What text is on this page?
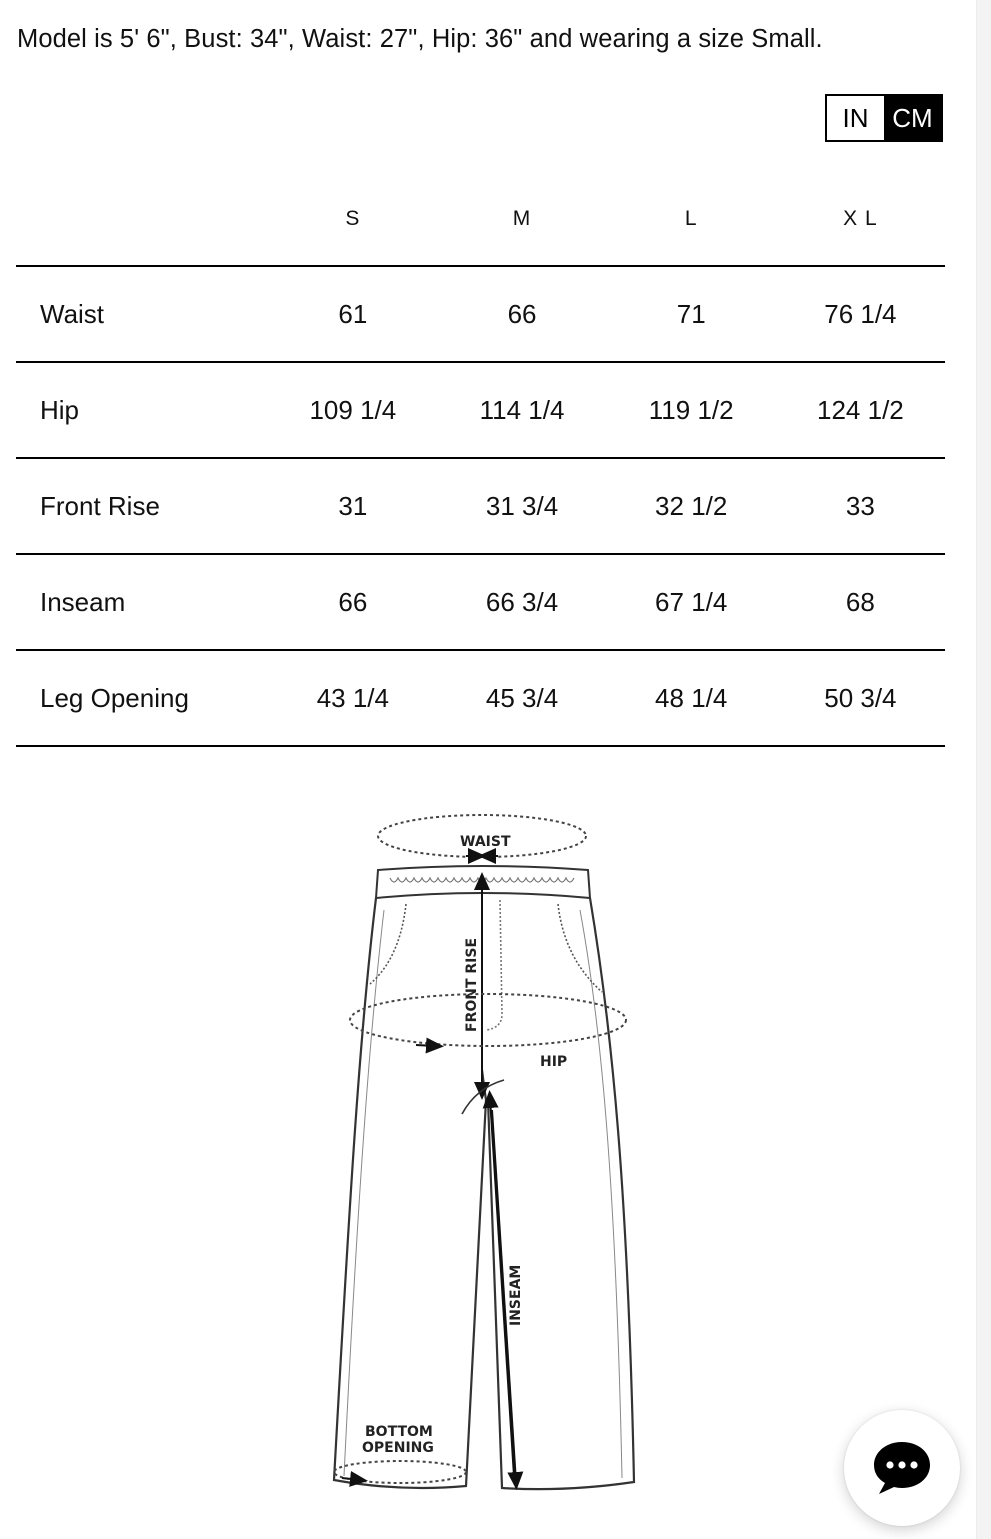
Model is 5' 6", Bust: 34", Waist: 27", Hip: 36" and wearing a size Small.
IN CM
	S	M	L	X L
Waist	61	66	71	76 1/4
Hip	109 1/4	114 1/4	119 1/2	124 1/2
Front Rise	31	31 3/4	32 1/2	33
Inseam	66	66 3/4	67 1/4	68
Leg Opening	43 1/4	45 3/4	48 1/4	50 3/4
WAIST
FRONT RISE
HIP
INSEAM
BOTTOM
OPENING
